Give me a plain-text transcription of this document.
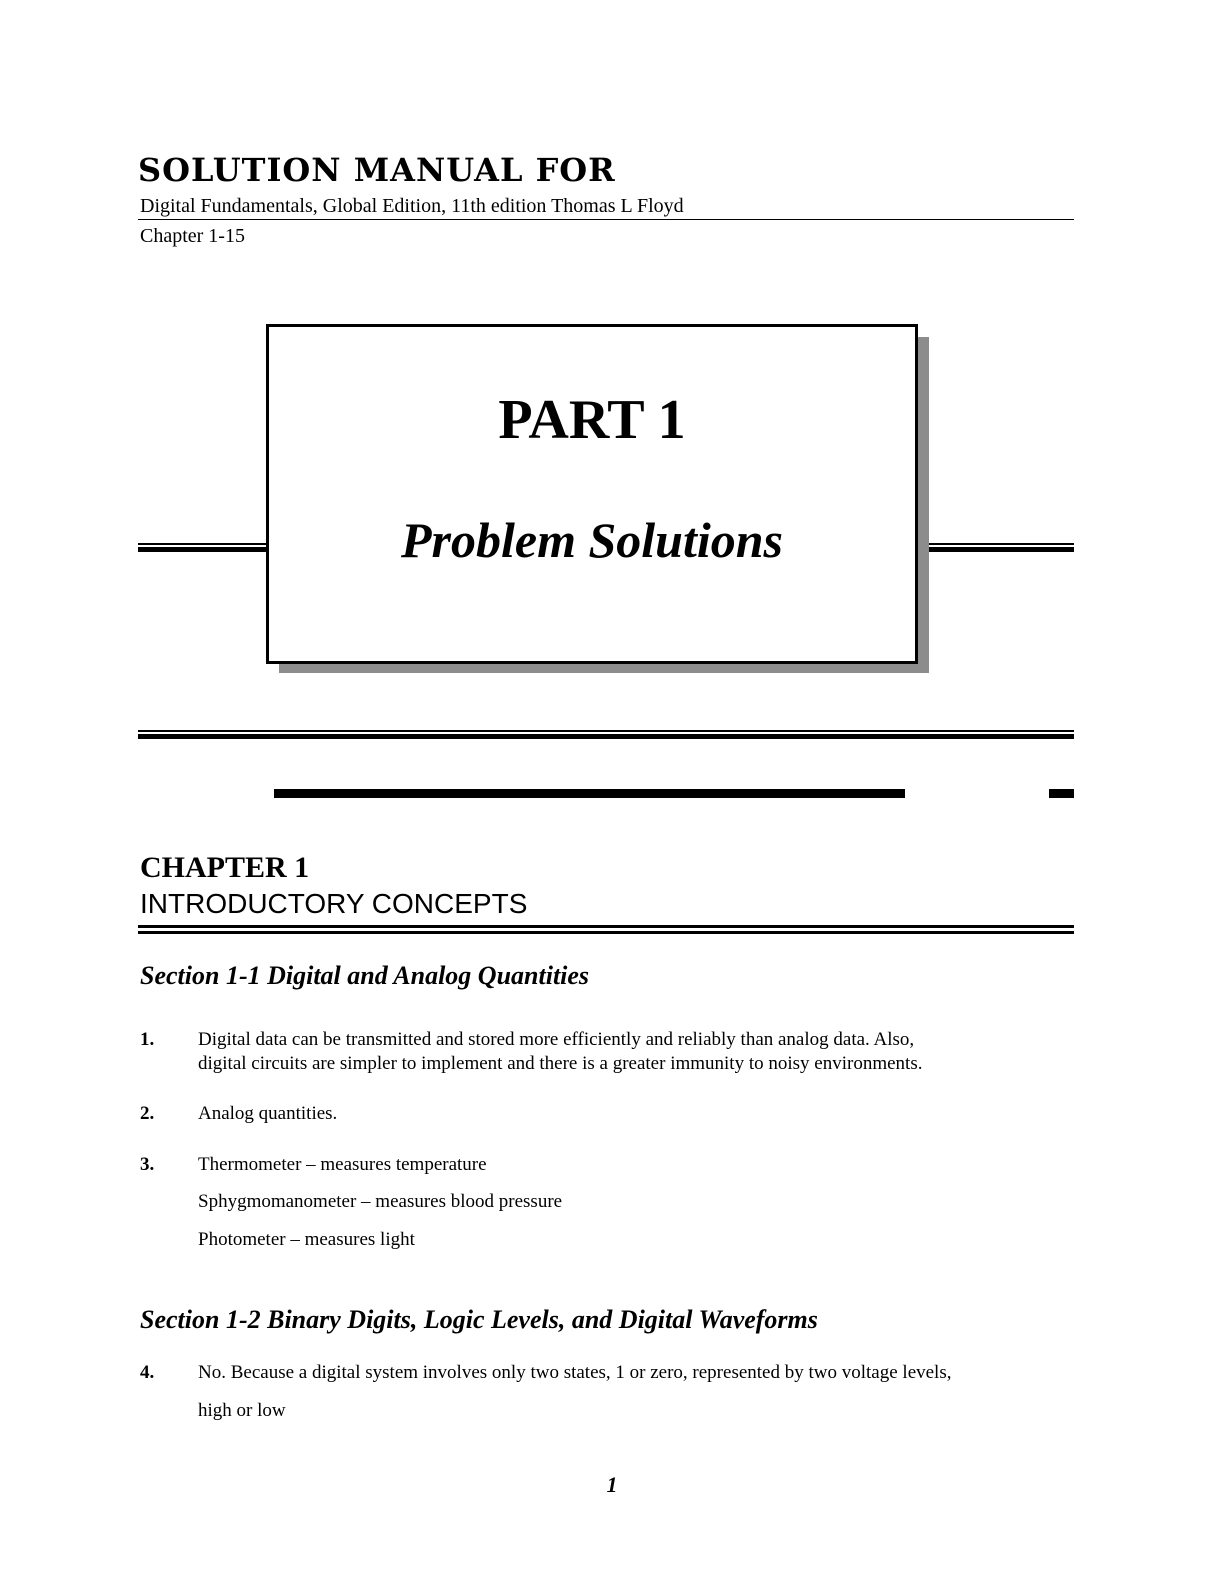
SOLUTION MANUAL FOR
Digital Fundamentals, Global Edition, 11th edition Thomas L Floyd
Chapter 1-15
PART 1
Problem Solutions
CHAPTER 1
INTRODUCTORY CONCEPTS
Section 1-1 Digital and Analog Quantities
1. Digital data can be transmitted and stored more efficiently and reliably than analog data. Also,
digital circuits are simpler to implement and there is a greater immunity to noisy environments.
2. Analog quantities.
3. Thermometer – measures temperature
Sphygmomanometer – measures blood pressure
Photometer – measures light
Section 1-2 Binary Digits, Logic Levels, and Digital Waveforms
4. No. Because a digital system involves only two states, 1 or zero, represented by two voltage levels,
high or low
1
